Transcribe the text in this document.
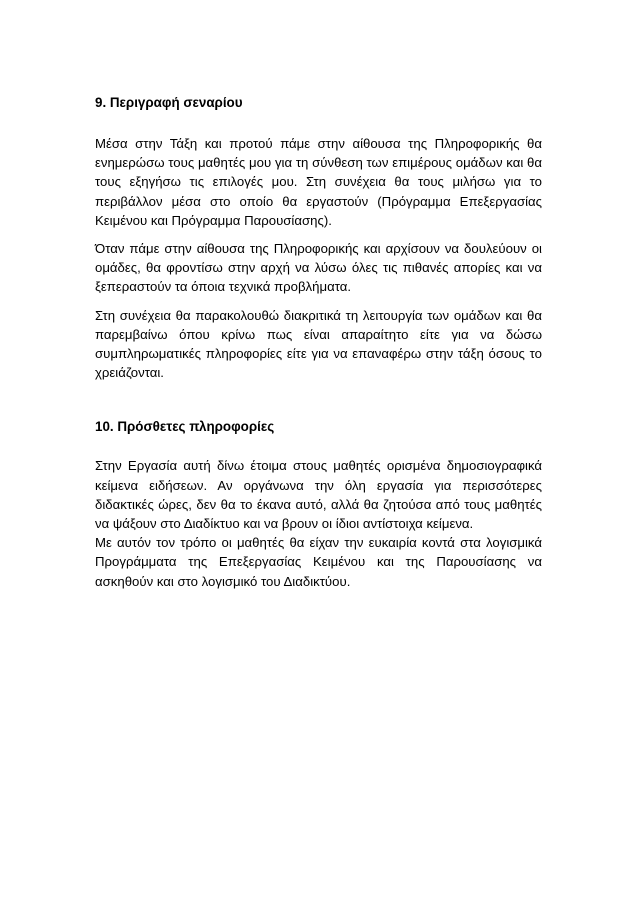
9. Περιγραφή σεναρίου

Μέσα στην Τάξη και προτού πάμε στην αίθουσα της Πληροφορικής θα ενημερώσω τους μαθητές μου για τη σύνθεση των επιμέρους ομάδων και θα τους εξηγήσω τις επιλογές μου. Στη συνέχεια θα τους μιλήσω για το περιβάλλον μέσα στο οποίο θα εργαστούν (Πρόγραμμα Επεξεργασίας Κειμένου και Πρόγραμμα Παρουσίασης).

Όταν πάμε στην αίθουσα της Πληροφορικής και αρχίσουν να δουλεύουν οι ομάδες, θα φροντίσω στην αρχή να λύσω όλες τις πιθανές απορίες και να ξεπεραστούν τα όποια τεχνικά προβλήματα.

Στη συνέχεια θα παρακολουθώ διακριτικά τη λειτουργία των ομάδων και θα παρεμβαίνω όπου κρίνω πως είναι απαραίτητο είτε για να δώσω συμπληρωματικές πληροφορίες είτε για να επαναφέρω στην τάξη όσους το χρειάζονται.

10. Πρόσθετες πληροφορίες

Στην Εργασία αυτή δίνω έτοιμα στους μαθητές ορισμένα δημοσιογραφικά κείμενα ειδήσεων. Αν οργάνωνα την όλη εργασία για περισσότερες διδακτικές ώρες, δεν θα το έκανα αυτό, αλλά θα ζητούσα από τους μαθητές να ψάξουν στο Διαδίκτυο και να βρουν οι ίδιοι αντίστοιχα κείμενα.

Με αυτόν τον τρόπο οι μαθητές θα είχαν την ευκαιρία κοντά στα λογισμικά Προγράμματα της Επεξεργασίας Κειμένου και της Παρουσίασης να ασκηθούν και στο λογισμικό του Διαδικτύου.
